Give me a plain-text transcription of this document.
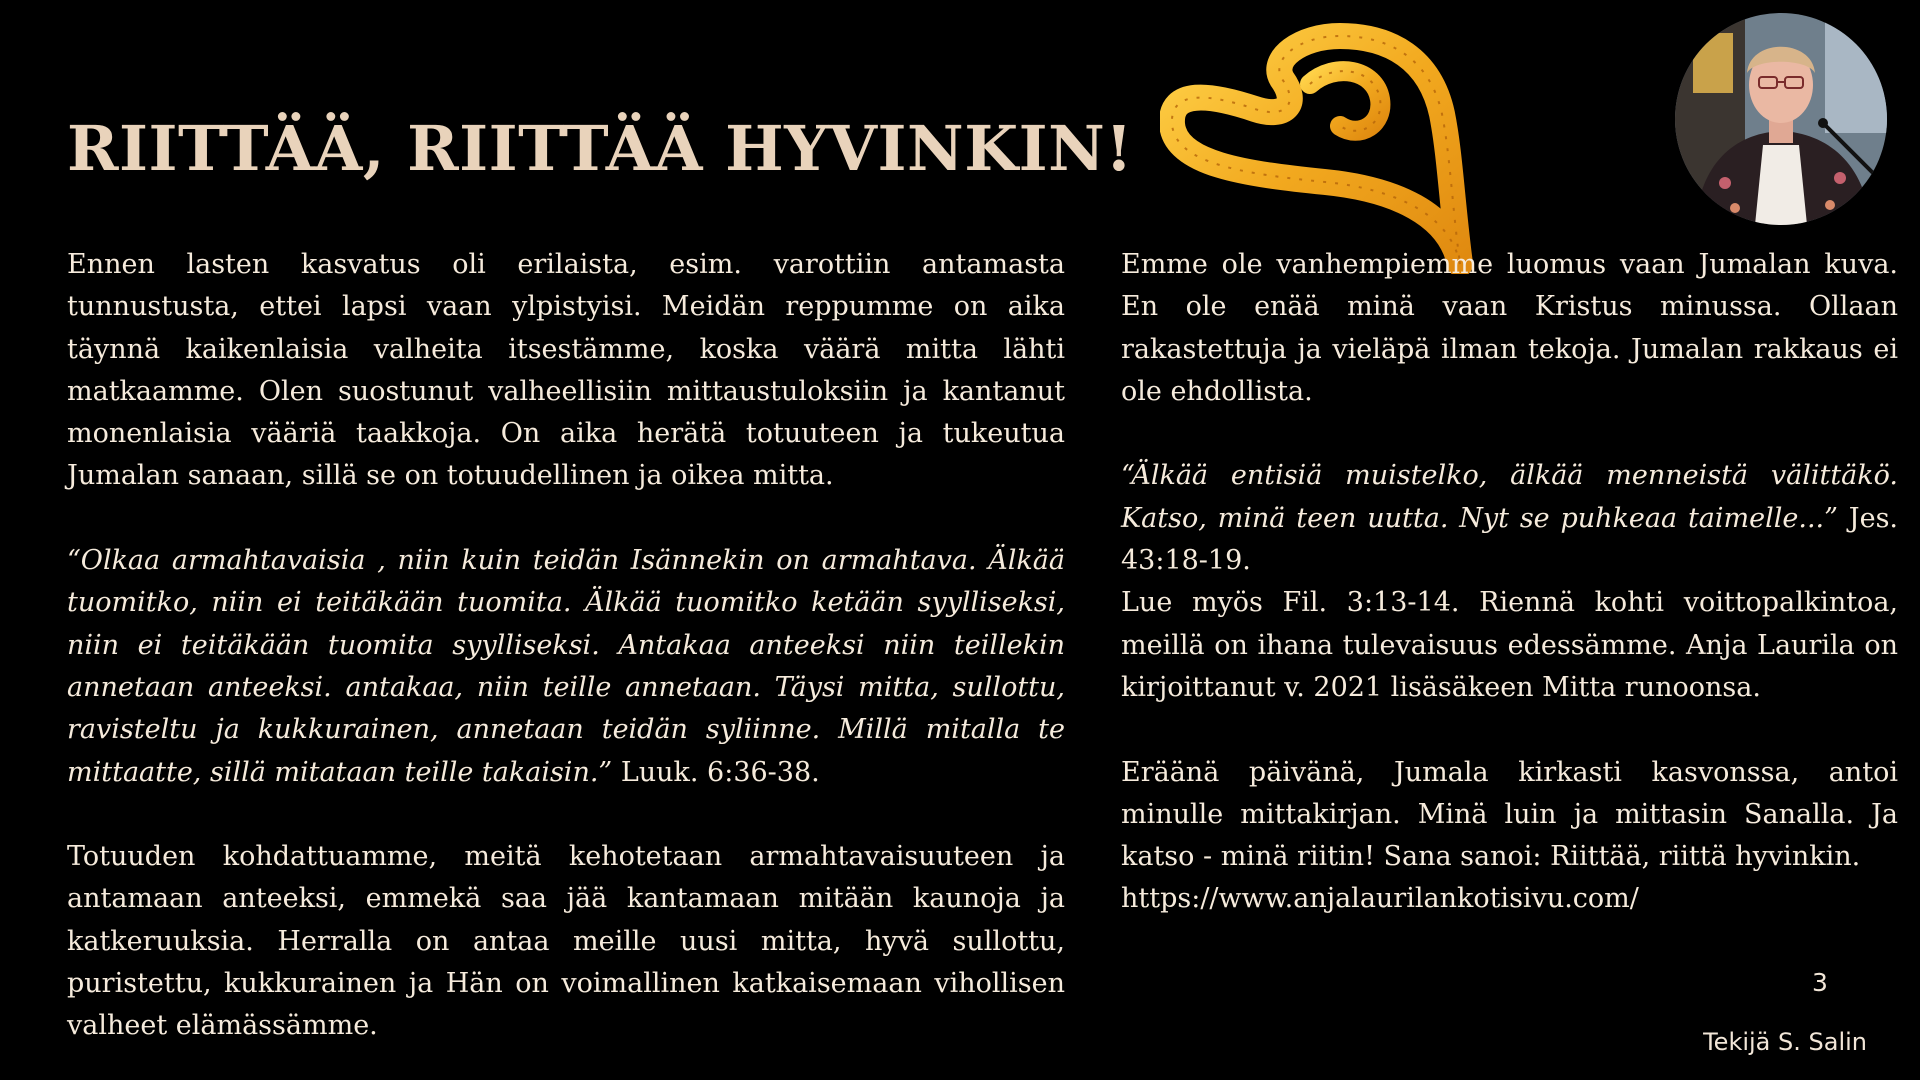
RIITTÄÄ, RIITTÄÄ HYVINKIN!

Ennen lasten kasvatus oli erilaista, esim. varottiin antamasta tunnustusta, ettei lapsi vaan ylpistyisi. Meidän reppumme on aika täynnä kaikenlaisia valheita itsestämme, koska väärä mitta lähti matkaamme. Olen suostunut valheellisiin mittaustuloksiin ja kantanut monenlaisia vääriä taakkoja. On aika herätä totuuteen ja tukeutua Jumalan sanaan, sillä se on totuudellinen ja oikea mitta.

“Olkaa armahtavaisia , niin kuin teidän Isännekin on armahtava. Älkää tuomitko, niin ei teitäkään tuomita. Älkää tuomitko ketään syylliseksi, niin ei teitäkään tuomita syylliseksi. Antakaa anteeksi niin teillekin annetaan anteeksi. antakaa, niin teille annetaan. Täysi mitta, sullottu, ravisteltu ja kukkurainen, annetaan teidän syliinne. Millä mitalla te mittaatte, sillä mitataan teille takaisin.” Luuk. 6:36-38.

Totuuden kohdattuamme, meitä kehotetaan armahtavaisuuteen ja antamaan anteeksi, emmekä saa jää kantamaan mitään kaunoja ja katkeruuksia. Herralla on antaa meille uusi mitta, hyvä sullottu, puristettu, kukkurainen ja Hän on voimallinen katkaisemaan vihollisen valheet elämässämme.

Emme ole vanhempiemme luomus vaan Jumalan kuva. En ole enää minä vaan Kristus minussa. Ollaan rakastettuja ja vieläpä ilman tekoja. Jumalan rakkaus ei ole ehdollista.

“Älkää entisiä muistelko, älkää menneistä välittäkö. Katso, minä teen uutta. Nyt se puhkeaa taimelle...” Jes. 43:18-19.

Lue myös Fil. 3:13-14. Riennä kohti voittopalkintoa, meillä on ihana tulevaisuus edessämme. Anja Laurila on kirjoittanut v. 2021 lisäsäkeen Mitta runoonsa.

Eräänä päivänä, Jumala kirkasti kasvonssa, antoi minulle mittakirjan. Minä luin ja mittasin Sanalla. Ja katso - minä riitin! Sana sanoi: Riittää, riittä hyvinkin.

https://www.anjalaurilankotisivu.com/

3
Tekijä S. Salin
